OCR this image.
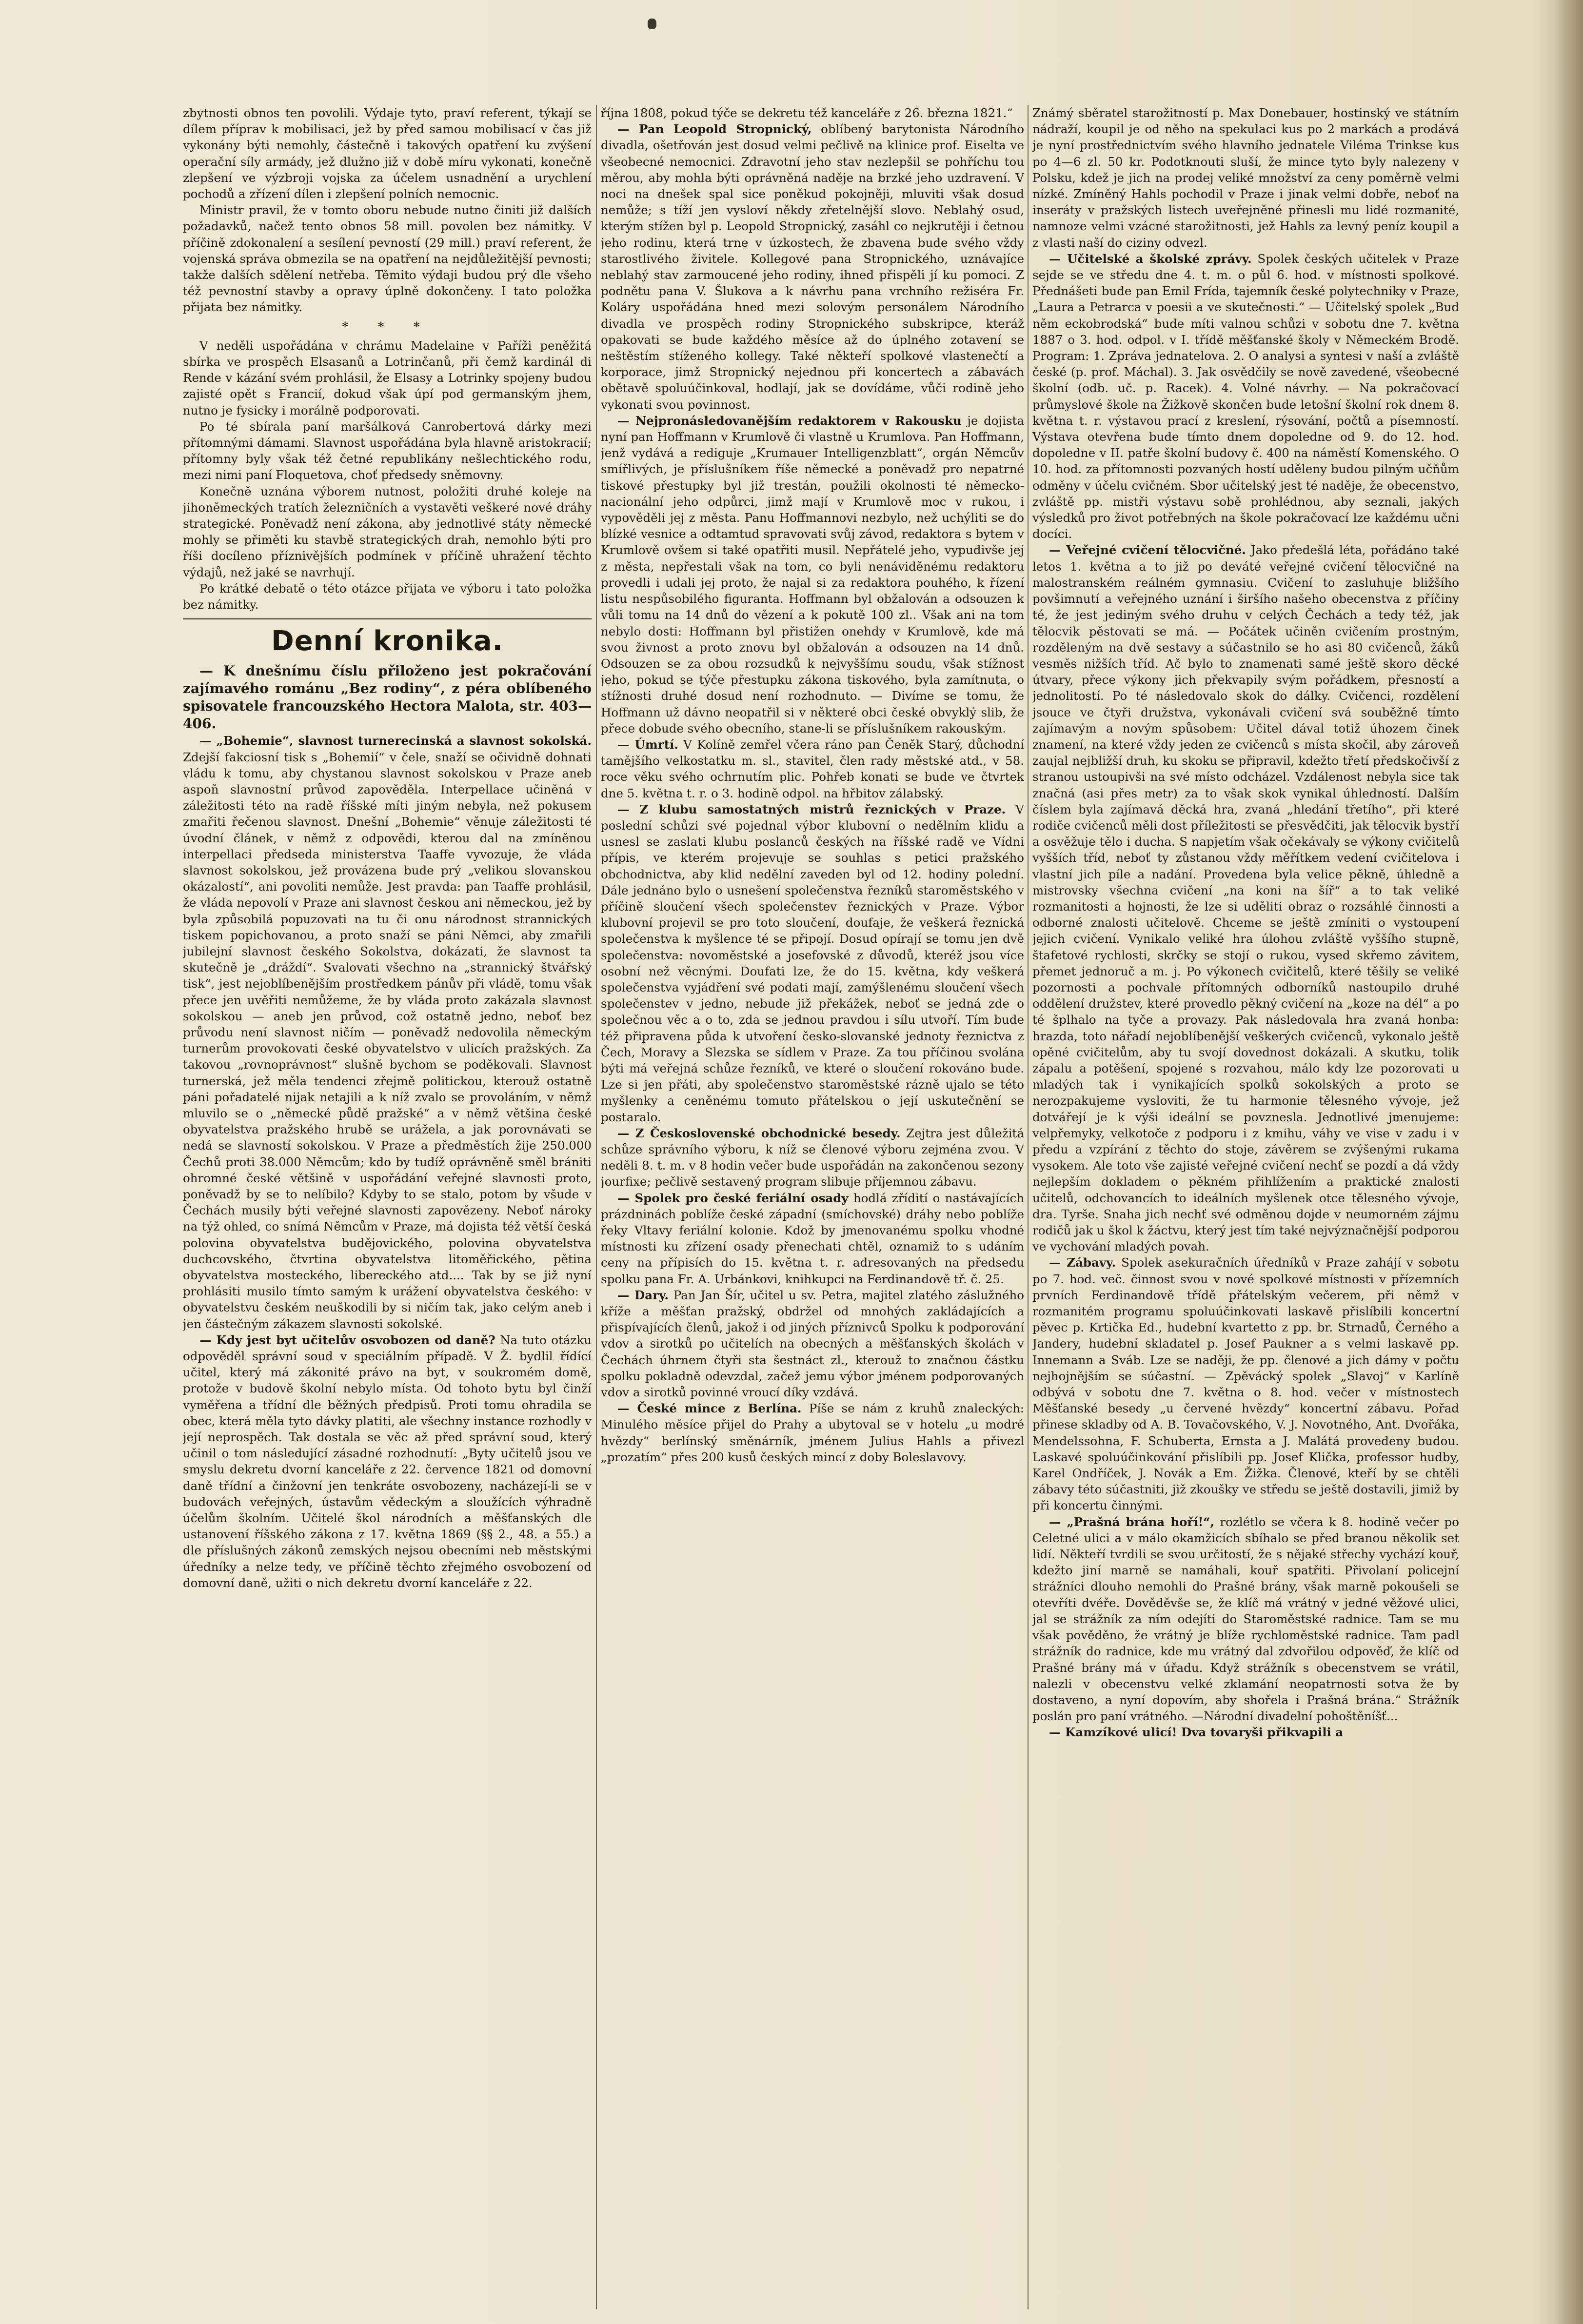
zbytnosti obnos ten povolili. Výdaje tyto, praví referent, týkají se dílem příprav k mobilisaci, jež by před samou mobilisací v čas již vykonány býti nemohly, částečně i takových opatření ku zvýšení operační síly armády, jež dlužno již v době míru vykonati, konečně zlepšení ve výzbroji vojska za účelem usnadnění a urychlení pochodů a zřízení dílen i zlepšení polních nemocnic.

Ministr pravil, že v tomto oboru nebude nutno činiti již dalších požadavků, načež tento obnos 58 mill. povolen bez námitky. V příčině zdokonalení a sesílení pevností (29 mill.) praví referent, že vojenská správa obmezila se na opatření na nejdůležitější pevnosti; takže dalších sdělení netřeba. Těmito výdaji budou prý dle všeho též pevnostní stavby a opravy úplně dokončeny. I tato položka přijata bez námitky.

* * *

V neděli uspořádána v chrámu Madelaine v Paříži peněžitá sbírka ve prospěch Elsasanů a Lotrinčanů, při čemž kardinál di Rende v kázání svém prohlásil, že Elsasy a Lotrinky spojeny budou zajisté opět s Francií, dokud však úpí pod germanským jhem, nutno je fysicky i morálně podporovati.

Po té sbírala paní maršálková Canrobertová dárky mezi přítomnými dámami. Slavnost uspořádána byla hlavně aristokracií; přítomny byly však též četné republikány nešlechtického rodu, mezi nimi paní Floquetova, choť předsedy sněmovny.

Konečně uznána výborem nutnost, položiti druhé koleje na jihoněmeckých tratích železničních a vystavěti veškeré nové dráhy strategické. Poněvadž není zákona, aby jednotlivé státy německé mohly se přiměti ku stavbě strategických drah, nemohlo býti pro říši docíleno příznivějších podmínek v příčině uhražení těchto výdajů, než jaké se navrhují.

Po krátké debatě o této otázce přijata ve výboru i tato položka bez námitky.

Denní kronika.

— K dnešnímu číslu přiloženo jest pokračování zajímavého románu „Bez rodiny“, z péra oblíbeného spisovatele francouzského Hectora Malota, str. 403—406.

— „Bohemie“, slavnost turnerecinská a slavnost sokolská. Zdejší fakciosní tisk s „Bohemií“ v čele, snaží se očividně dohnati vládu k tomu, aby chystanou slavnost sokolskou v Praze aneb aspoň slavnostní průvod zapověděla. Interpellace učiněná v záležitosti této na radě říšské míti jiným nebyla, než pokusem zmařiti řečenou slavnost. Dnešní „Bohemie“ věnuje záležitosti té úvodní článek, v němž z odpovědi, kterou dal na zmíněnou interpellaci předseda ministerstva Taaffe vyvozuje, že vláda slavnost sokolskou, jež provázena bude prý „velikou slovanskou okázalostí“, ani povoliti nemůže. Jest pravda: pan Taaffe prohlásil, že vláda nepovolí v Praze ani slavnost českou ani německou, jež by byla způsobilá popuzovati na tu či onu národnost strannických tiskem popichovanou, a proto snaží se páni Němci, aby zmařili jubilejní slavnost českého Sokolstva, dokázati, že slavnost ta skutečně je „dráždí“. Svalovati všechno na „strannický štvářský tisk“, jest nejoblíbenějším prostředkem pánův při vládě, tomu však přece jen uvěřiti nemůžeme, že by vláda proto zakázala slavnost sokolskou — aneb jen průvod, což ostatně jedno, neboť bez průvodu není slavnost ničím — poněvadž nedovolila německým turnerům provokovati české obyvatelstvo v ulicích pražských. Za takovou „rovnoprávnost“ slušně bychom se poděkovali. Slavnost turnerská, jež měla tendenci zřejmě politickou, kterouž ostatně páni pořadatelé nijak netajili a k níž zvalo se provoláním, v němž mluvilo se o „německé půdě pražské“ a v němž většina české obyvatelstva pražského hrubě se urážela, a jak porovnávati se nedá se slavností sokolskou. V Praze a předměstích žije 250.000 Čechů proti 38.000 Němcům; kdo by tudíž oprávněně směl brániti ohromné české většině v uspořádání veřejné slavnosti proto, poněvadž by se to nelíbilo? Kdyby to se stalo, potom by všude v Čechách musily býti veřejné slavnosti zapovězeny. Neboť nároky na týž ohled, co snímá Němcům v Praze, má dojista též větší česká polovina obyvatelstva budějovického, polovina obyvatelstva duchcovského, čtvrtina obyvatelstva litoměřického, pětina obyvatelstva mosteckého, libereckého atd.... Tak by se již nyní prohlásiti musilo tímto samým k urážení obyvatelstva českého: v obyvatelstvu českém neuškodili by si ničím tak, jako celým aneb i jen částečným zákazem slavnosti sokolské.

— Kdy jest byt učitelův osvobozen od daně? Na tuto otázku odpověděl správní soud v speciálním případě. V Ž. bydlil řídící učitel, který má zákonité právo na byt, v soukromém domě, protože v budově školní nebylo místa. Od tohoto bytu byl činží vyměřena a třídní dle běžných předpisů. Proti tomu ohradila se obec, která měla tyto dávky platiti, ale všechny instance rozhodly v její neprospěch. Tak dostala se věc až před správní soud, který učinil o tom následující zásadné rozhodnutí: „Byty učitelů jsou ve smyslu dekretu dvorní kanceláře z 22. července 1821 od domovní daně třídní a činžovní jen tenkráte osvobozeny, nacházejí-li se v budovách veřejných, ústavům vědeckým a sloužících výhradně účelům školním. Učitelé škol národních a měšťanských dle ustanovení říšského zákona z 17. května 1869 (§§ 2., 48. a 55.) a dle příslušných zákonů zemských nejsou obecními neb městskými úředníky a nelze tedy, ve příčině těchto zřejmého osvobození od domovní daně, užiti o nich dekretu dvorní kanceláře z 22.

října 1808, pokud týče se dekretu též kanceláře z 26. března 1821.“

— Pan Leopold Stropnický, oblíbený barytonista Národního divadla, ošetřován jest dosud velmi pečlivě na klinice prof. Eiselta ve všeobecné nemocnici. Zdravotní jeho stav nezlepšil se pohříchu tou měrou, aby mohla býti oprávněná naděje na brzké jeho uzdravení. V noci na dnešek spal sice poněkud pokojněji, mluviti však dosud nemůže; s tíží jen vysloví někdy zřetelnější slovo. Neblahý osud, kterým stížen byl p. Leopold Stropnický, zasáhl co nejkrutěji i četnou jeho rodinu, která trne v úzkostech, že zbavena bude svého vždy starostlivého živitele. Kollegové pana Stropnického, uznávajíce neblahý stav zarmoucené jeho rodiny, ihned přispěli jí ku pomoci. Z podnětu pana V. Šlukova a k návrhu pana vrchního režiséra Fr. Koláry uspořádána hned mezi solovým personálem Národního divadla ve prospěch rodiny Stropnického subskripce, kteráž opakovati se bude každého měsíce až do úplného zotavení se neštěstím stíženého kollegy. Také někteří spolkové vlastenečtí a korporace, jimž Stropnický nejednou při koncertech a zábavách obětavě spoluúčinkoval, hodlají, jak se dovídáme, vůči rodině jeho vykonati svou povinnost.

— Nejpronásledovanějším redaktorem v Rakousku je dojista nyní pan Hoffmann v Krumlově či vlastně u Krumlova. Pan Hoffmann, jenž vydává a rediguje „Krumauer Intelligenzblatt“, orgán Němcův smířlivých, je příslušníkem říše německé a poněvadž pro nepatrné tiskové přestupky byl již trestán, použili okolnosti té německo-nacionální jeho odpůrci, jimž mají v Krumlově moc v rukou, i vypověděli jej z města. Panu Hoffmannovi nezbylo, než uchýliti se do blízké vesnice a odtamtud spravovati svůj závod, redaktora s bytem v Krumlově ovšem si také opatřiti musil. Nepřátelé jeho, vypudivše jej z města, nepřestali však na tom, co byli nenáviděnému redaktoru provedli i udali jej proto, že najal si za redaktora pouhého, k řízení listu nespůsobilého figuranta. Hoffmann byl obžalován a odsouzen k vůli tomu na 14 dnů do vězení a k pokutě 100 zl.. Však ani na tom nebylo dosti: Hoffmann byl přistižen onehdy v Krumlově, kde má svou živnost a proto znovu byl obžalován a odsouzen na 14 dnů. Odsouzen se za obou rozsudků k nejvyššímu soudu, však stížnost jeho, pokud se týče přestupku zákona tiskového, byla zamítnuta, o stížnosti druhé dosud není rozhodnuto. — Divíme se tomu, že Hoffmann už dávno neopatřil si v některé obci české obvyklý slib, že přece dobude svého obecního, stane-li se příslušníkem rakouským.

— Úmrtí. V Kolíně zemřel včera ráno pan Čeněk Starý, důchodní tamějšího velkostatku m. sl., stavitel, člen rady městské atd., v 58. roce věku svého ochrnutím plic. Pohřeb konati se bude ve čtvrtek dne 5. května t. r. o 3. hodině odpol. na hřbitov zálabský.

— Z klubu samostatných mistrů řeznických v Praze. V poslední schůzi své pojednal výbor klubovní o nedělním klidu a usnesl se zaslati klubu poslanců českých na říšské radě ve Vídni přípis, ve kterém projevuje se souhlas s petici pražského obchodnictva, aby klid nedělní zaveden byl od 12. hodiny polední. Dále jednáno bylo o usnešení společenstva řezníků staroměstského v příčině sloučení všech společenstev řeznických v Praze. Výbor klubovní projevil se pro toto sloučení, doufaje, že veškerá řeznická společenstva k myšlence té se připojí. Dosud opírají se tomu jen dvě společenstva: novoměstské a josefovské z důvodů, kteréž jsou více osobní než věcnými. Doufati lze, že do 15. května, kdy veškerá společenstva vyjádření své podati mají, zamýšlenému sloučení všech společenstev v jedno, nebude již překážek, neboť se jedná zde o společnou věc a o to, zda se jednou pravdou i sílu utvoří. Tím bude též připravena půda k utvoření česko-slovanské jednoty řeznictva z Čech, Moravy a Slezska se sídlem v Praze. Za tou příčinou svolána býti má veřejná schůze řezníků, ve které o sloučení rokováno bude. Lze si jen přáti, aby společenstvo staroměstské rázně ujalo se této myšlenky a ceněnému tomuto přátelskou o její uskutečnění se postaralo.

— Z Československé obchodnické besedy. Zejtra jest důležitá schůze správního výboru, k níž se členové výboru zejména zvou. V neděli 8. t. m. v 8 hodin večer bude uspořádán na zakončenou sezony jourfixe; pečlivě sestavený program slibuje příjemnou zábavu.

— Spolek pro české feriální osady hodlá zřídití o nastávajících prázdninách poblíže české západní (smíchovské) dráhy nebo poblíže řeky Vltavy feriální kolonie. Kdož by jmenovanému spolku vhodné místnosti ku zřízení osady přenechati chtěl, oznamiž to s udáním ceny na přípisích do 15. května t. r. adresovaných na předsedu spolku pana Fr. A. Urbánkovi, knihkupci na Ferdinandově tř. č. 25.

— Dary. Pan Jan Šír, učitel u sv. Petra, majitel zlatého záslužného kříže a měšťan pražský, obdržel od mnohých zakládajících a přispívajících členů, jakož i od jiných příznivců Spolku k podporování vdov a sirotků po učitelích na obecných a měšťanských školách v Čechách úhrnem čtyři sta šestnáct zl., kterouž to značnou částku spolku pokladně odevzdal, začež jemu výbor jménem podporovaných vdov a sirotků povinné vroucí díky vzdává.

— České mince z Berlína. Píše se nám z kruhů znaleckých: Minulého měsíce přijel do Prahy a ubytoval se v hotelu „u modré hvězdy“ berlínský směnárník, jménem Julius Hahls a přivezl „prozatím“ přes 200 kusů českých mincí z doby Boleslavovy.

Známý sběratel starožitností p. Max Donebauer, hostinský ve státním nádraží, koupil je od něho na spekulaci kus po 2 markách a prodává je nyní prostřednictvím svého hlavního jednatele Viléma Trinkse kus po 4—6 zl. 50 kr. Podotknouti sluší, že mince tyto byly nalezeny v Polsku, kdež je jich na prodej veliké množství za ceny poměrně velmi nízké. Zmíněný Hahls pochodil v Praze i jinak velmi dobře, neboť na inseráty v pražských listech uveřejněné přinesli mu lidé rozmanité, namnoze velmi vzácné starožitnosti, jež Hahls za levný peníz koupil a z vlasti naší do ciziny odvezl.

— Učitelské a školské zprávy. Spolek českých učitelek v Praze sejde se ve středu dne 4. t. m. o půl 6. hod. v místnosti spolkové. Přednášeti bude pan Emil Frída, tajemník české polytechniky v Praze, „Laura a Petrarca v poesii a ve skutečnosti.“ — Učitelský spolek „Buď něm eckobrodská“ bude míti valnou schůzi v sobotu dne 7. května 1887 o 3. hod. odpol. v I. třídě měšťanské školy v Německém Brodě. Program: 1. Zpráva jednatelova. 2. O analysi a syntesi v naší a zvláště české (p. prof. Máchal). 3. Jak osvědčily se nově zavedené, všeobecné školní (odb. uč. p. Racek). 4. Volné návrhy. — Na pokračovací průmyslové škole na Žižkově skončen bude letošní školní rok dnem 8. května t. r. výstavou prací z kreslení, rýsování, počtů a písemností. Výstava otevřena bude tímto dnem dopoledne od 9. do 12. hod. dopoledne v II. patře školní budovy č. 400 na náměstí Komenského. O 10. hod. za přítomnosti pozvaných hostí uděleny budou pilným učňům odměny v účelu cvičném. Sbor učitelský jest té naděje, že obecenstvo, zvláště pp. mistři výstavu sobě prohlédnou, aby seznali, jakých výsledků pro život potřebných na škole pokračovací lze každému učni docíci.

— Veřejné cvičení tělocvičné. Jako předešlá léta, pořádáno také letos 1. května a to již po deváté veřejné cvičení tělocvičné na malostranském reálném gymnasiu. Cvičení to zasluhuje bližšího povšimnutí a veřejného uznání i širšího našeho obecenstva z příčiny té, že jest jediným svého druhu v celých Čechách a tedy též, jak tělocvik pěstovati se má. — Počátek učiněn cvičením prostným, rozděleným na dvě sestavy a súčastnilo se ho asi 80 cvičenců, žáků vesměs nižších tříd. Ač bylo to znamenati samé ještě skoro děcké útvary, přece výkony jich překvapily svým pořádkem, přesností a jednolitostí. Po té následovalo skok do dálky. Cvičenci, rozdělení jsouce ve čtyři družstva, vykonávali cvičení svá souběžně tímto zajímavým a novým spůsobem: Učitel dával totiž úhozem činek znamení, na které vždy jeden ze cvičenců s místa skočil, aby zároveň zaujal nejbližší druh, ku skoku se připravil, kdežto třetí předskočivší z stranou ustoupivši na své místo odcházel. Vzdálenost nebyla sice tak značná (asi přes metr) za to však skok vynikal úhledností. Dalším číslem byla zajímavá děcká hra, zvaná „hledání třetího“, při které rodiče cvičenců měli dost příležitosti se přesvědčiti, jak tělocvik bystří a osvěžuje tělo i ducha. S napjetím však očekávaly se výkony cvičitelů vyšších tříd, neboť ty zůstanou vždy měřítkem vedení cvičitelova i vlastní jich píle a nadání. Provedena byla velice pěkně, úhledně a mistrovsky všechna cvičení „na koni na šíř“ a to tak veliké rozmanitosti a hojnosti, že lze si uděliti obraz o rozsáhlé činnosti a odborné znalosti učitelově. Chceme se ještě zmíniti o vystoupení jejich cvičení. Vynikalo veliké hra úlohou zvláště vyššího stupně, štafetové rychlosti, skrčky se stojí o rukou, vysed skřemo závitem, přemet jednoruč a m. j. Po výkonech cvičitelů, které těšily se veliké pozornosti a pochvale přítomných odborníků nastoupilo druhé oddělení družstev, které provedlo pěkný cvičení na „koze na dél“ a po té šplhalo na tyče a provazy. Pak následovala hra zvaná honba: hrazda, toto nářadí nejoblíbenější veškerých cvičenců, vykonalo ještě opěné cvičitelům, aby tu svojí dovednost dokázali. A skutku, tolik zápalu a potěšení, spojené s rozvahou, málo kdy lze pozorovati u mladých tak i vynikajících spolků sokolských a proto se nerozpakujeme vysloviti, že tu harmonie tělesného vývoje, jež dotvářejí je k výši ideální se povznesla. Jednotlivé jmenujeme: velpřemyky, velkotoče z podporu i z kmihu, váhy ve vise v zadu i v předu a vzpírání z těchto do stoje, závěrem se zvýšenými rukama vysokem. Ale toto vše zajisté veřejné cvičení nechť se pozdí a dá vždy nejlepším dokladem o pěkném přihlížením a praktické znalosti učitelů, odchovancích to ideálních myšlenek otce tělesného vývoje, dra. Tyrše. Snaha jich nechť své odměnou dojde v neumorném zájmu rodičů jak u škol k žáctvu, který jest tím také nejvýznačnější podporou ve vychování mladých povah.

— Zábavy. Spolek asekuračních úředníků v Praze zahájí v sobotu po 7. hod. več. činnost svou v nové spolkové místnosti v přízemních prvních Ferdinandově třídě přátelským večerem, při němž v rozmanitém programu spoluúčinkovati laskavě přislíbili koncertní pěvec p. Krtička Ed., hudební kvartetto z pp. br. Strnadů, Černého a Jandery, hudební skladatel p. Josef Paukner a s velmi laskavě pp. Innemann a Sváb. Lze se naději, že pp. členové a jich dámy v počtu nejhojnějším se súčastní. — Zpěvácký spolek „Slavoj“ v Karlíně odbývá v sobotu dne 7. května o 8. hod. večer v místnostech Měšťanské besedy „u červené hvězdy“ koncertní zábavu. Pořad přinese skladby od A. B. Tovačovského, V. J. Novotného, Ant. Dvořáka, Mendelssohna, F. Schuberta, Ernsta a J. Malátá provedeny budou. Laskavé spoluúčinkování přislíbili pp. Josef Klička, professor hudby, Karel Ondříček, J. Novák a Em. Žižka. Členové, kteří by se chtěli zábavy této súčastniti, již zkoušky ve středu se ještě dostavili, jimiž by při koncertu činnými.

— „Prašná brána hoří!“, rozlétlo se včera k 8. hodině večer po Celetné ulici a v málo okamžicích sbíhalo se před branou několik set lidí. Někteří tvrdili se svou určitostí, že s nějaké střechy vychází kouř, kdežto jiní marně se namáhali, kouř spatřiti. Přivolaní policejní strážníci dlouho nemohli do Prašné brány, však marně pokoušeli se otevříti dvéře. Dověděvše se, že klíč má vrátný v jedné věžové ulici, jal se strážník za ním odejíti do Staroměstské radnice. Tam se mu však pověděno, že vrátný je blíže rychloměstské radnice. Tam padl strážník do radnice, kde mu vrátný dal zdvořilou odpověď, že klíč od Prašné brány má v úřadu. Když strážník s obecenstvem se vrátil, nalezli v obecenstvu velké zklamání neopatrnosti sotva že by dostaveno, a nyní dopovím, aby shořela i Prašná brána.“ Strážník poslán pro paní vrátného. —Národní divadelní pohoštěníšť...

— Kamzíkové ulicí! Dva tovaryši přikvapili a
